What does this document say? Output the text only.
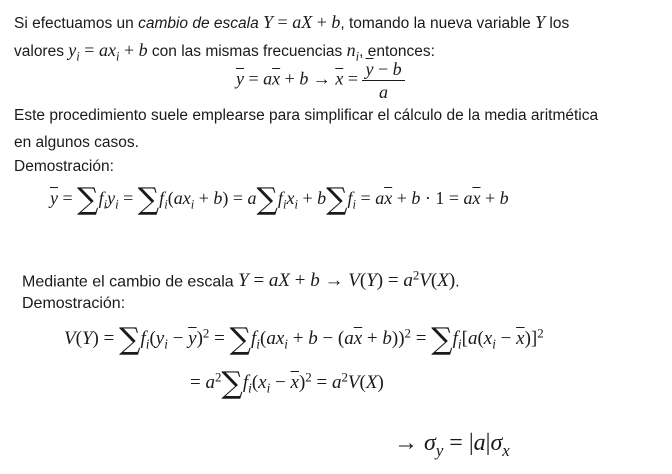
Si efectuamos un cambio de escala Y = aX + b, tomando la nueva variable Y los
valores $y_i = ax_i + b$ con las mismas frecuencias $n_i$, entonces:
$\overline{y} = a\overline{x} + b \to \overline{x} = \frac{\overline{y} - b}{a}$
Este procedimiento suele emplearse para simplificar el cálculo de la media aritmética
en algunos casos.
Demostración:
$\overline{y} = \sum f_iy_i = \sum f_i(ax_i + b) = a\sum f_ix_i + b\sum f_i = a\overline{x} + b \cdot 1 = a\overline{x} + b$
Mediante el cambio de escala Y = aX + $b \to V(Y) = a^2V(X)$.
Demostración:
$V(Y) = \sum f_i(y_i - \overline{y})^2 = \sum f_i(ax_i + b - (a\overline{x} + b))^2 = \sum f_i[a(x_i - \overline{x})]^2$
= $a^2\sum f_i(x_i - \overline{x})^2 = a^2V(X)$
→ $\sigma_y = |a|\sigma_x$
